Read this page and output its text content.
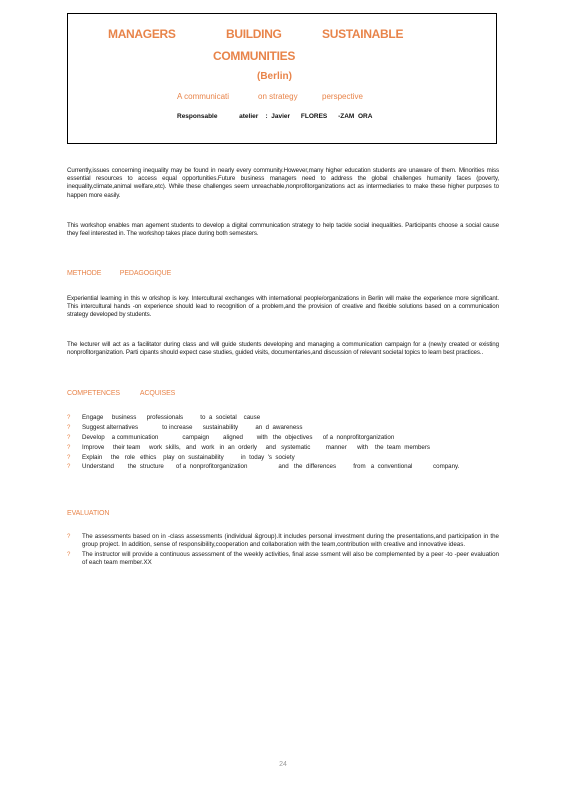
MANAGERS	BUILDING	SUSTAINABLE
COMMUNITIES
(Berlin)
A communicati	on strategy	perspective
Responsable            atelier    :  Javier      FLORES      -ZAM  ORA
Currently,issues concerning inequality may be found in nearly every community.However,many higher education students are unaware of them. Minorities miss essential resources to access equal opportunities.Future business managers need to address the global challenges humanity faces (poverty, inequality,climate,animal welfare,etc). While these challenges seem unreachable,nonprofitorganizations act as intermediaries to make these higher purposes to happen more easily.
This workshop enables man agement students to develop a digital communication strategy to help tackle social inequalities. Participants choose a social cause they feel interested in. The workshop takes place during both semesters.
METHODE          PEDAGOGIQUE
Experiential learning in this w orkshop is key. Intercultural exchanges with international people/organizations in Berlin will make the experience more significant. This intercultural hands -on experience should lead to recognition of a problem,and the provision of creative and flexible solutions based on a communication strategy developed by students.
The lecturer will act as a facilitator during class and will guide students developing and managing a communication campaign for a (new)y created or existing nonprofitorganization. Parti cipants should expect case studies, guided visits, documentaries,and discussion of relevant societal topics to learn best practices..
COMPETENCES           ACQUISES
? Engage     business      professionals          to  a  societal    cause
? Suggest alternatives              to increase      sustainability          an  d  awareness
? Develop    a communication              campaign        aligned        with   the  objectives      of a  nonprofitorganization
? Improve     their team     work  skills,   and   work   in  an  orderly     and   systematic         manner      with    the  team  members
? Explain     the   role   ethics    play  on  sustainability          in  today  's  society
? Understand        the  structure       of a  nonprofitorganization                  and   the  differences          from   a  conventional            company.
EVALUATION
? The assessments based on in -class assessments (individual &group).It includes personal investment during the presentations,and participation in the group project. In addition, sense of responsibility,cooperation and collaboration with the team,contribution with creative and innovative ideas.
? The instructor will provide a continuous assessment of the weekly activities, final asse ssment will also be complemented by a peer -to -peer evaluation of each team member.XX
24
